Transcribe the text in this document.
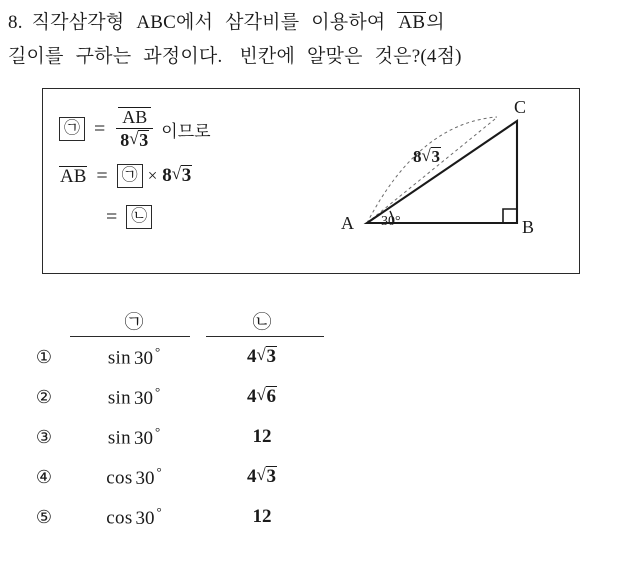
8. 직각삼각형 ABC에서 삼각비를 이용하여 AB의
길이를 구하는 과정이다. 빈칸에 알맞은 것은?(4점)
㉠ = $\frac{AB}{8 √ 3}$ 이므로
AB = ㉠ × 8 √ 3
= ㉡	A	B
C
30°
8 √ 3
㉠	㉡
①	sin 30 °	4 √ 3
②	sin 30 °	4 √ 6
③	sin 30 °	12
④	cos 30 °	4 √ 3
⑤	cos 30 °	12
